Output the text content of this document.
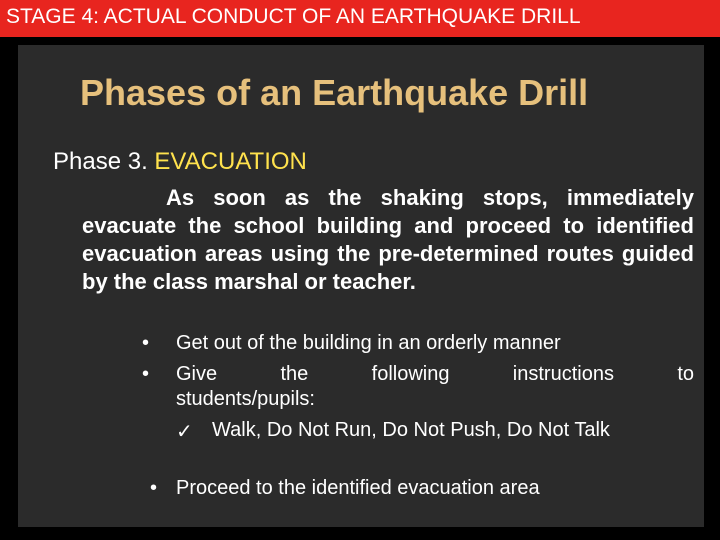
STAGE 4: ACTUAL CONDUCT OF AN EARTHQUAKE DRILL
Phases of an Earthquake Drill
Phase 3. EVACUATION
As soon as the shaking stops, immediately evacuate the school building and proceed to identified evacuation areas using the pre-determined routes guided by the class marshal or teacher.
• Get out of the building in an orderly manner
• Give the following instructions to students/pupils:
✓ Walk, Do Not Run, Do Not Push, Do Not Talk
• Proceed to the identified evacuation area
